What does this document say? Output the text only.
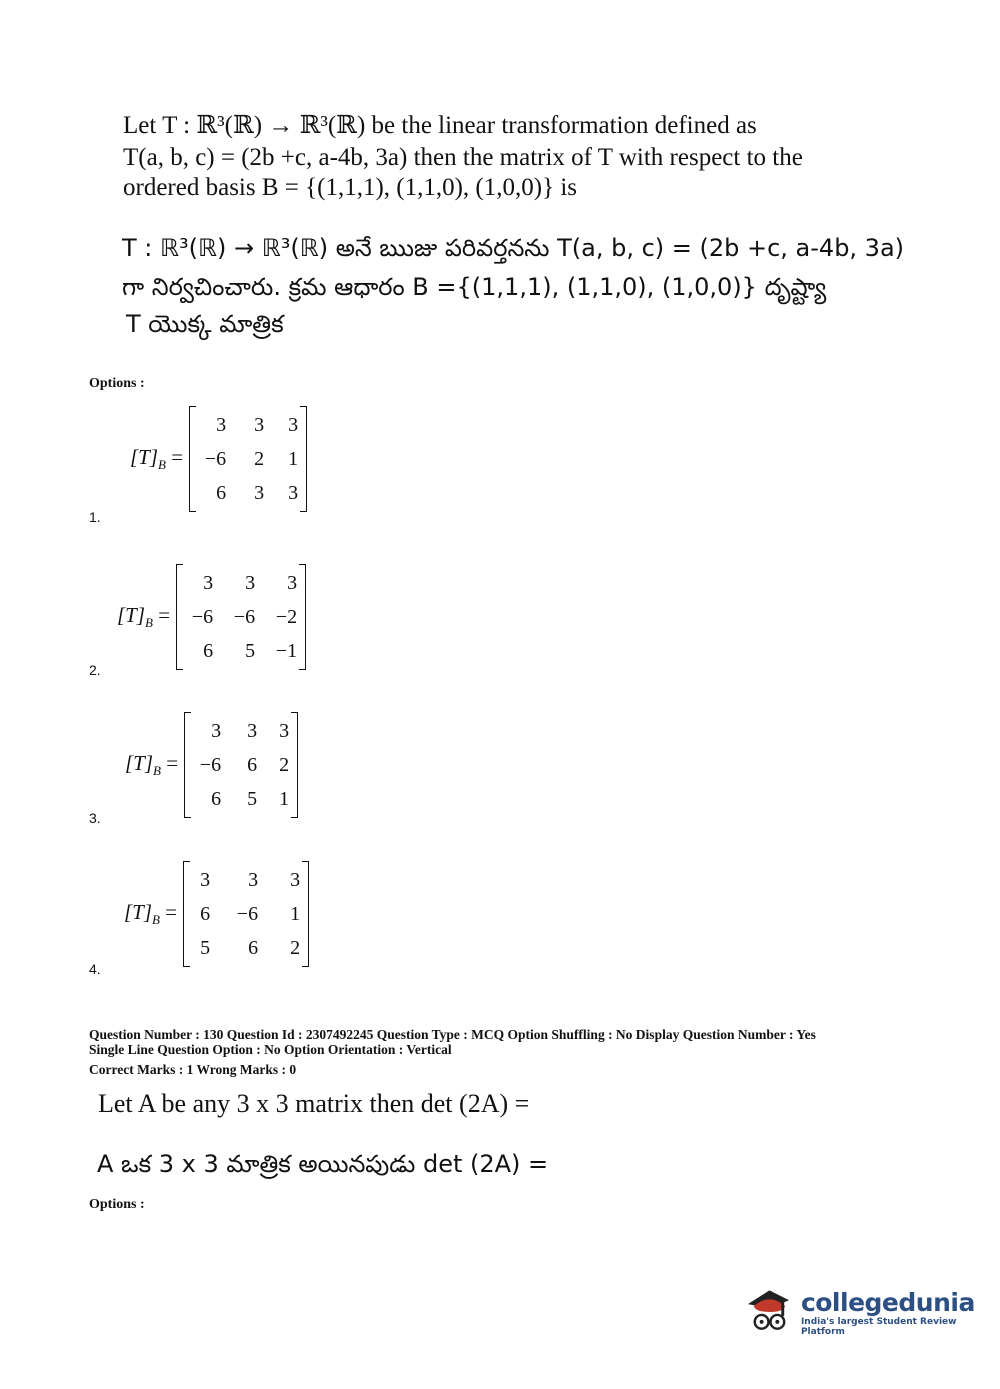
Let T : ℝ³(ℝ) → ℝ³(ℝ) be the linear transformation defined as
T(a, b, c) = (2b +c, a-4b, 3a) then the matrix of T with respect to the
ordered basis B = {(1,1,1), (1,1,0), (1,0,0)} is
T : ℝ³(ℝ) → ℝ³(ℝ) అనే ఋజు పరివర్తనను T(a, b, c) = (2b +c, a-4b, 3a)
గా నిర్వచించారు. క్రమ ఆధారం B ={(1,1,1), (1,1,0), (1,0,0)} దృష్ట్యా
T యొక్క మాత్రిక
Options :
$[T]_B$ =
3	3	3
−6	2	1
6	3	3
1.
$[T]_B$ =
3	3	3
−6	−6	−2
6	5	−1
2.
$[T]_B$ =
3	3	3
−6	6	2
6	5	1
3.
$[T]_B$ =
3	3	3
6	−6	1
5	6	2
4.
Question Number : 130 Question Id : 2307492245 Question Type : MCQ Option Shuffling : No Display Question Number : Yes
Single Line Question Option : No Option Orientation : Vertical
Correct Marks : 1 Wrong Marks : 0
Let A be any 3 x 3 matrix then det (2A) =
A ఒక 3 x 3 మాత్రిక అయినపుడు det (2A) =
Options :
collegedunia
India's largest Student Review Platform
